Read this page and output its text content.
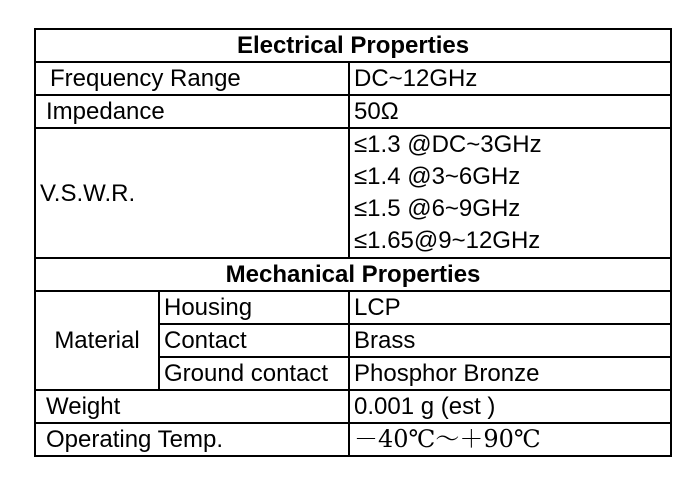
Electrical Properties		
Frequency Range		DC~12GHz
Impedance		50Ω
V.S.W.R.		≤1.3 @DC~3GHz
≤1.4 @3~6GHz
≤1.5 @6~9GHz
≤1.65@9~12GHz

Mechanical Properties		
Material	Housing	LCP
	Contact	Brass
	Ground contact	Phosphor Bronze
Weight		0.001 g (est )
Operating Temp.		－40℃～＋90℃
